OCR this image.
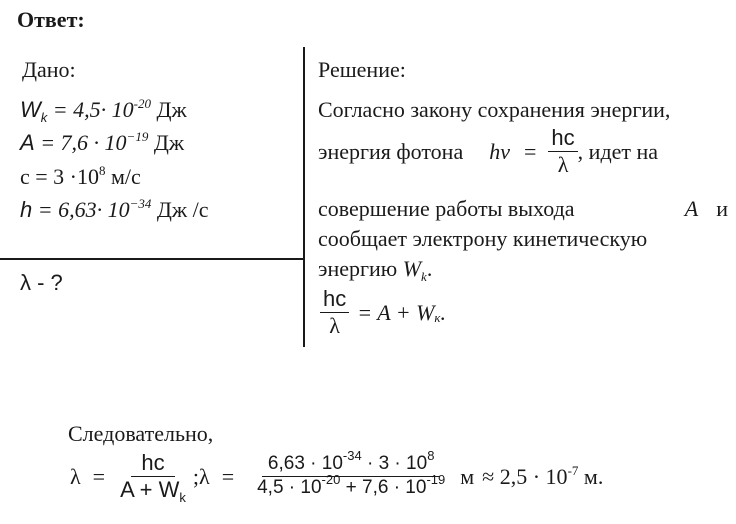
Ответ:
Дано:
$W_k = 4,5\cdot 10^{-20}$ Дж
$A = 7,6 \cdot 10^{-19}$ Дж
$c = 3 \cdot 10^8$ м/с
$h = 6,63\cdot 10^{-34}$ Дж /с
λ - ?
Решение:
Согласно закону сохранения энергии,
энергия фотона hv = $\frac{hc}{\lambda}$ , идет на
совершение работы выхода	A и
сообщает электрону кинетическую
энергию $W_k$.
$\frac{hc}{\lambda} = A + W_к$ .
Следовательно,
$\lambda = \frac{hc}{A + W_k}$ ; $\lambda = \frac{6,63 \cdot 10^{-34} \cdot 3 \cdot 10^8}{4,5 \cdot 10^{-20} + 7,6 \cdot 10^{-19}}$ $м \approx 2,5 \cdot 10^{-7}$ м.
